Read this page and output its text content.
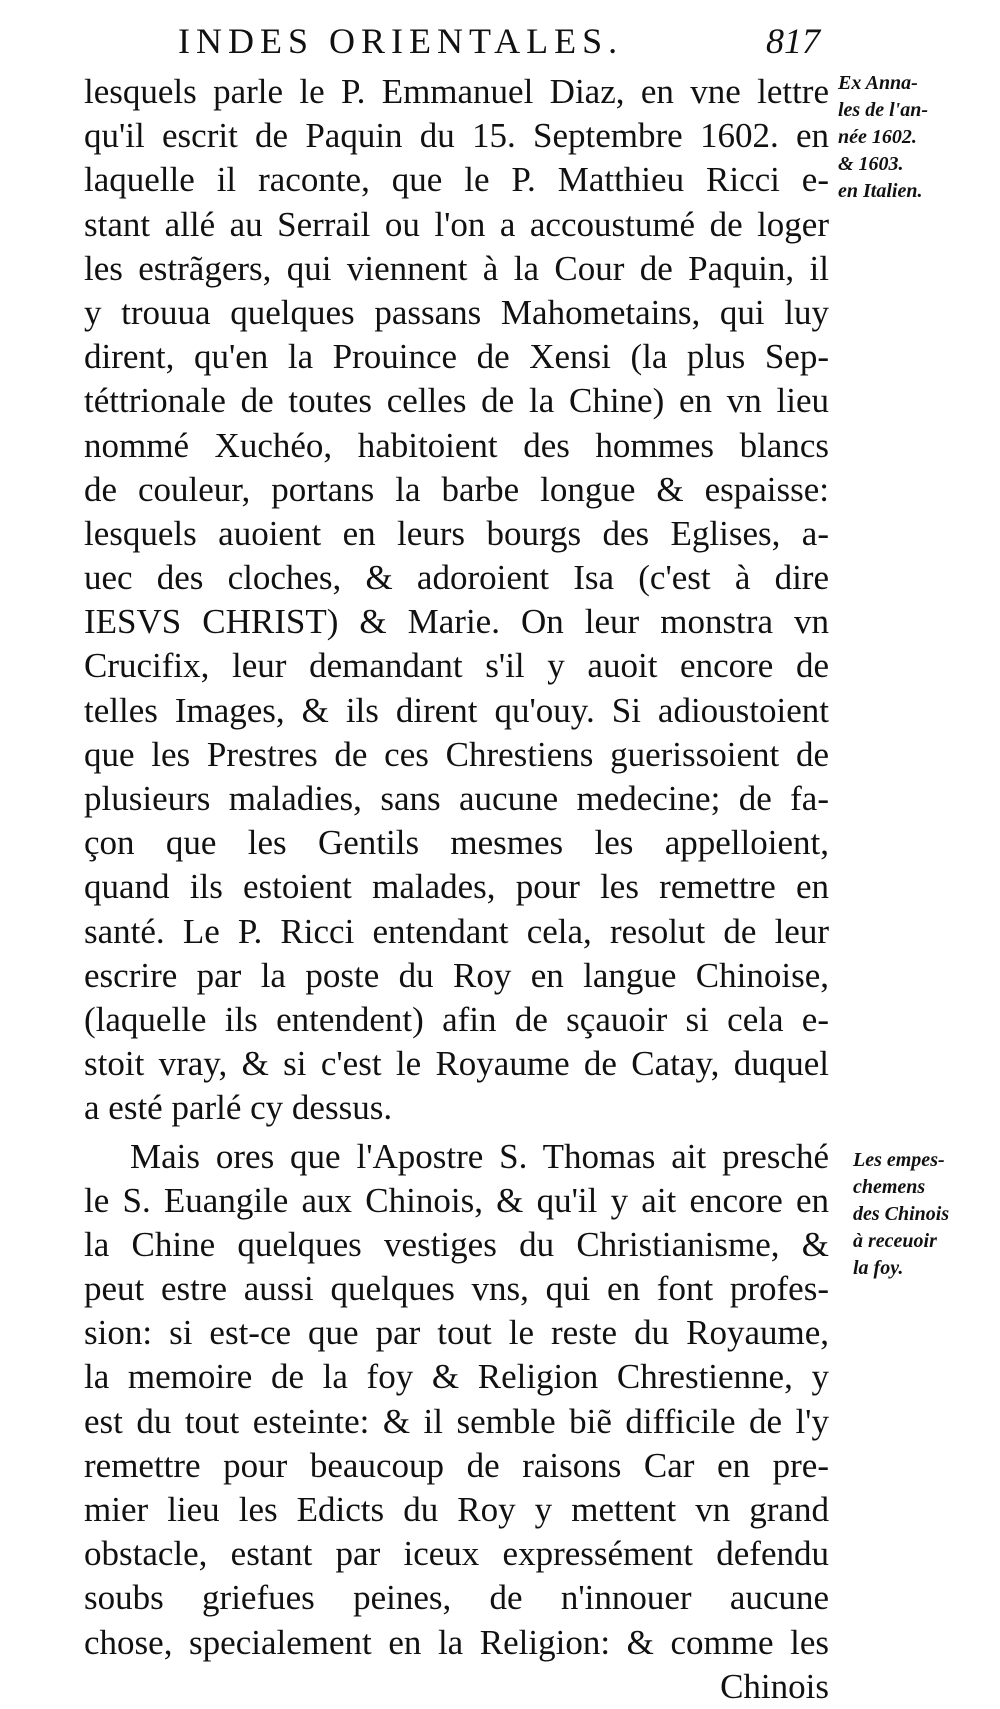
INDES ORIENTALES.	817
lesquels parle le P. Emmanuel Diaz, en vne lettre
qu'il escrit de Paquin du 15. Septembre 1602. en
laquelle il raconte, que le P. Matthieu Ricci e-
stant allé au Serrail ou l'on a accoustumé de loger
les estrãgers, qui viennent à la Cour de Paquin, il
y trouua quelques passans Mahometains, qui luy
dirent, qu'en la Prouince de Xensi (la plus Sep-
téttrionale de toutes celles de la Chine) en vn lieu
nommé Xuchéo, habitoient des hommes blancs
de couleur, portans la barbe longue & espaisse:
lesquels auoient en leurs bourgs des Eglises, a-
uec des cloches, & adoroient Isa (c'est à dire
IESVS CHRIST) & Marie. On leur monstra vn
Crucifix, leur demandant s'il y auoit encore de
telles Images, & ils dirent qu'ouy. Si adioustoient
que les Prestres de ces Chrestiens guerissoient de
plusieurs maladies, sans aucune medecine; de fa-
çon que les Gentils mesmes les appelloient,
quand ils estoient malades, pour les remettre en
santé. Le P. Ricci entendant cela, resolut de leur
escrire par la poste du Roy en langue Chinoise,
(laquelle ils entendent) afin de sçauoir si cela e-
stoit vray, & si c'est le Royaume de Catay, duquel
a esté parlé cy dessus.
Mais ores que l'Apostre S. Thomas ait presché
le S. Euangile aux Chinois, & qu'il y ait encore en
la Chine quelques vestiges du Christianisme, &
peut estre aussi quelques vns, qui en font profes-
sion: si est-ce que par tout le reste du Royaume,
la memoire de la foy & Religion Chrestienne, y
est du tout esteinte: & il semble biẽ difficile de l'y
remettre pour beaucoup de raisons Car en pre-
mier lieu les Edicts du Roy y mettent vn grand
obstacle, estant par iceux expressément defendu
soubs griefues peines, de n'innouer aucune
chose, specialement en la Religion: & comme les
Chinois
Ex Anna-
les de l'an-
née 1602.
& 1603.
en Italien.
Les empes-
chemens
des Chinois
à receuoir
la foy.
